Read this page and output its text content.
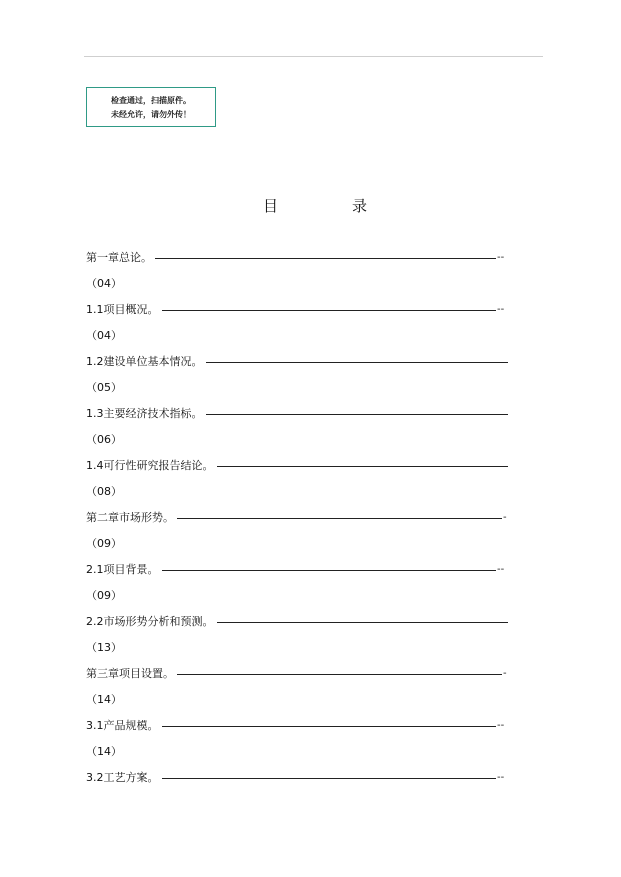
检查通过，扫描原件。
未经允许，请勿外传！
目	录
第一章总论。	--
（04）
1.1项目概况。	--
（04）
1.2建设单位基本情况。
（05）
1.3主要经济技术指标。
（06）
1.4可行性研究报告结论。
（08）
第二章市场形势。	-
（09）
2.1项目背景。	--
（09）
2.2市场形势分析和预测。
（13）
第三章项目设置。	-
（14）
3.1产品规模。	--
（14）
3.2工艺方案。	--
